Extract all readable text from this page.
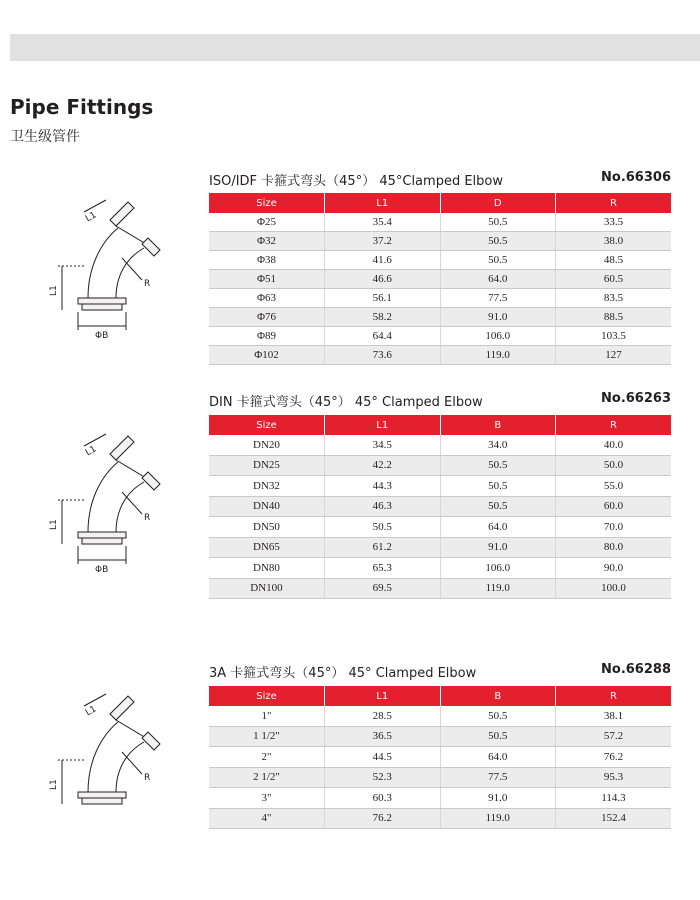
Pipe Fittings
卫生级管件
ISO/IDF 卡箍式弯头（45°） 45°Clamped Elbow	No.66306
Size	L1	D	R
Φ25	35.4	50.5	33.5
Φ32	37.2	50.5	38.0
Φ38	41.6	50.5	48.5
Φ51	46.6	64.0	60.5
Φ63	56.1	77.5	83.5
Φ76	58.2	91.0	88.5
Φ89	64.4	106.0	103.5
Φ102	73.6	119.0	127
DIN 卡箍式弯头（45°） 45° Clamped Elbow	No.66263
Size	L1	B	R
DN20	34.5	34.0	40.0
DN25	42.2	50.5	50.0
DN32	44.3	50.5	55.0
DN40	46.3	50.5	60.0
DN50	50.5	64.0	70.0
DN65	61.2	91.0	80.0
DN80	65.3	106.0	90.0
DN100	69.5	119.0	100.0
3A 卡箍式弯头（45°） 45° Clamped Elbow	No.66288
Size	L1	B	R
1"	28.5	50.5	38.1
1 1/2"	36.5	50.5	57.2
2"	44.5	64.0	76.2
2 1/2"	52.3	77.5	95.3
3"	60.3	91.0	114.3
4"	76.2	119.0	152.4
L1
L1
R
ΦB
L1
L1
R
ΦB
L1
L1
R
